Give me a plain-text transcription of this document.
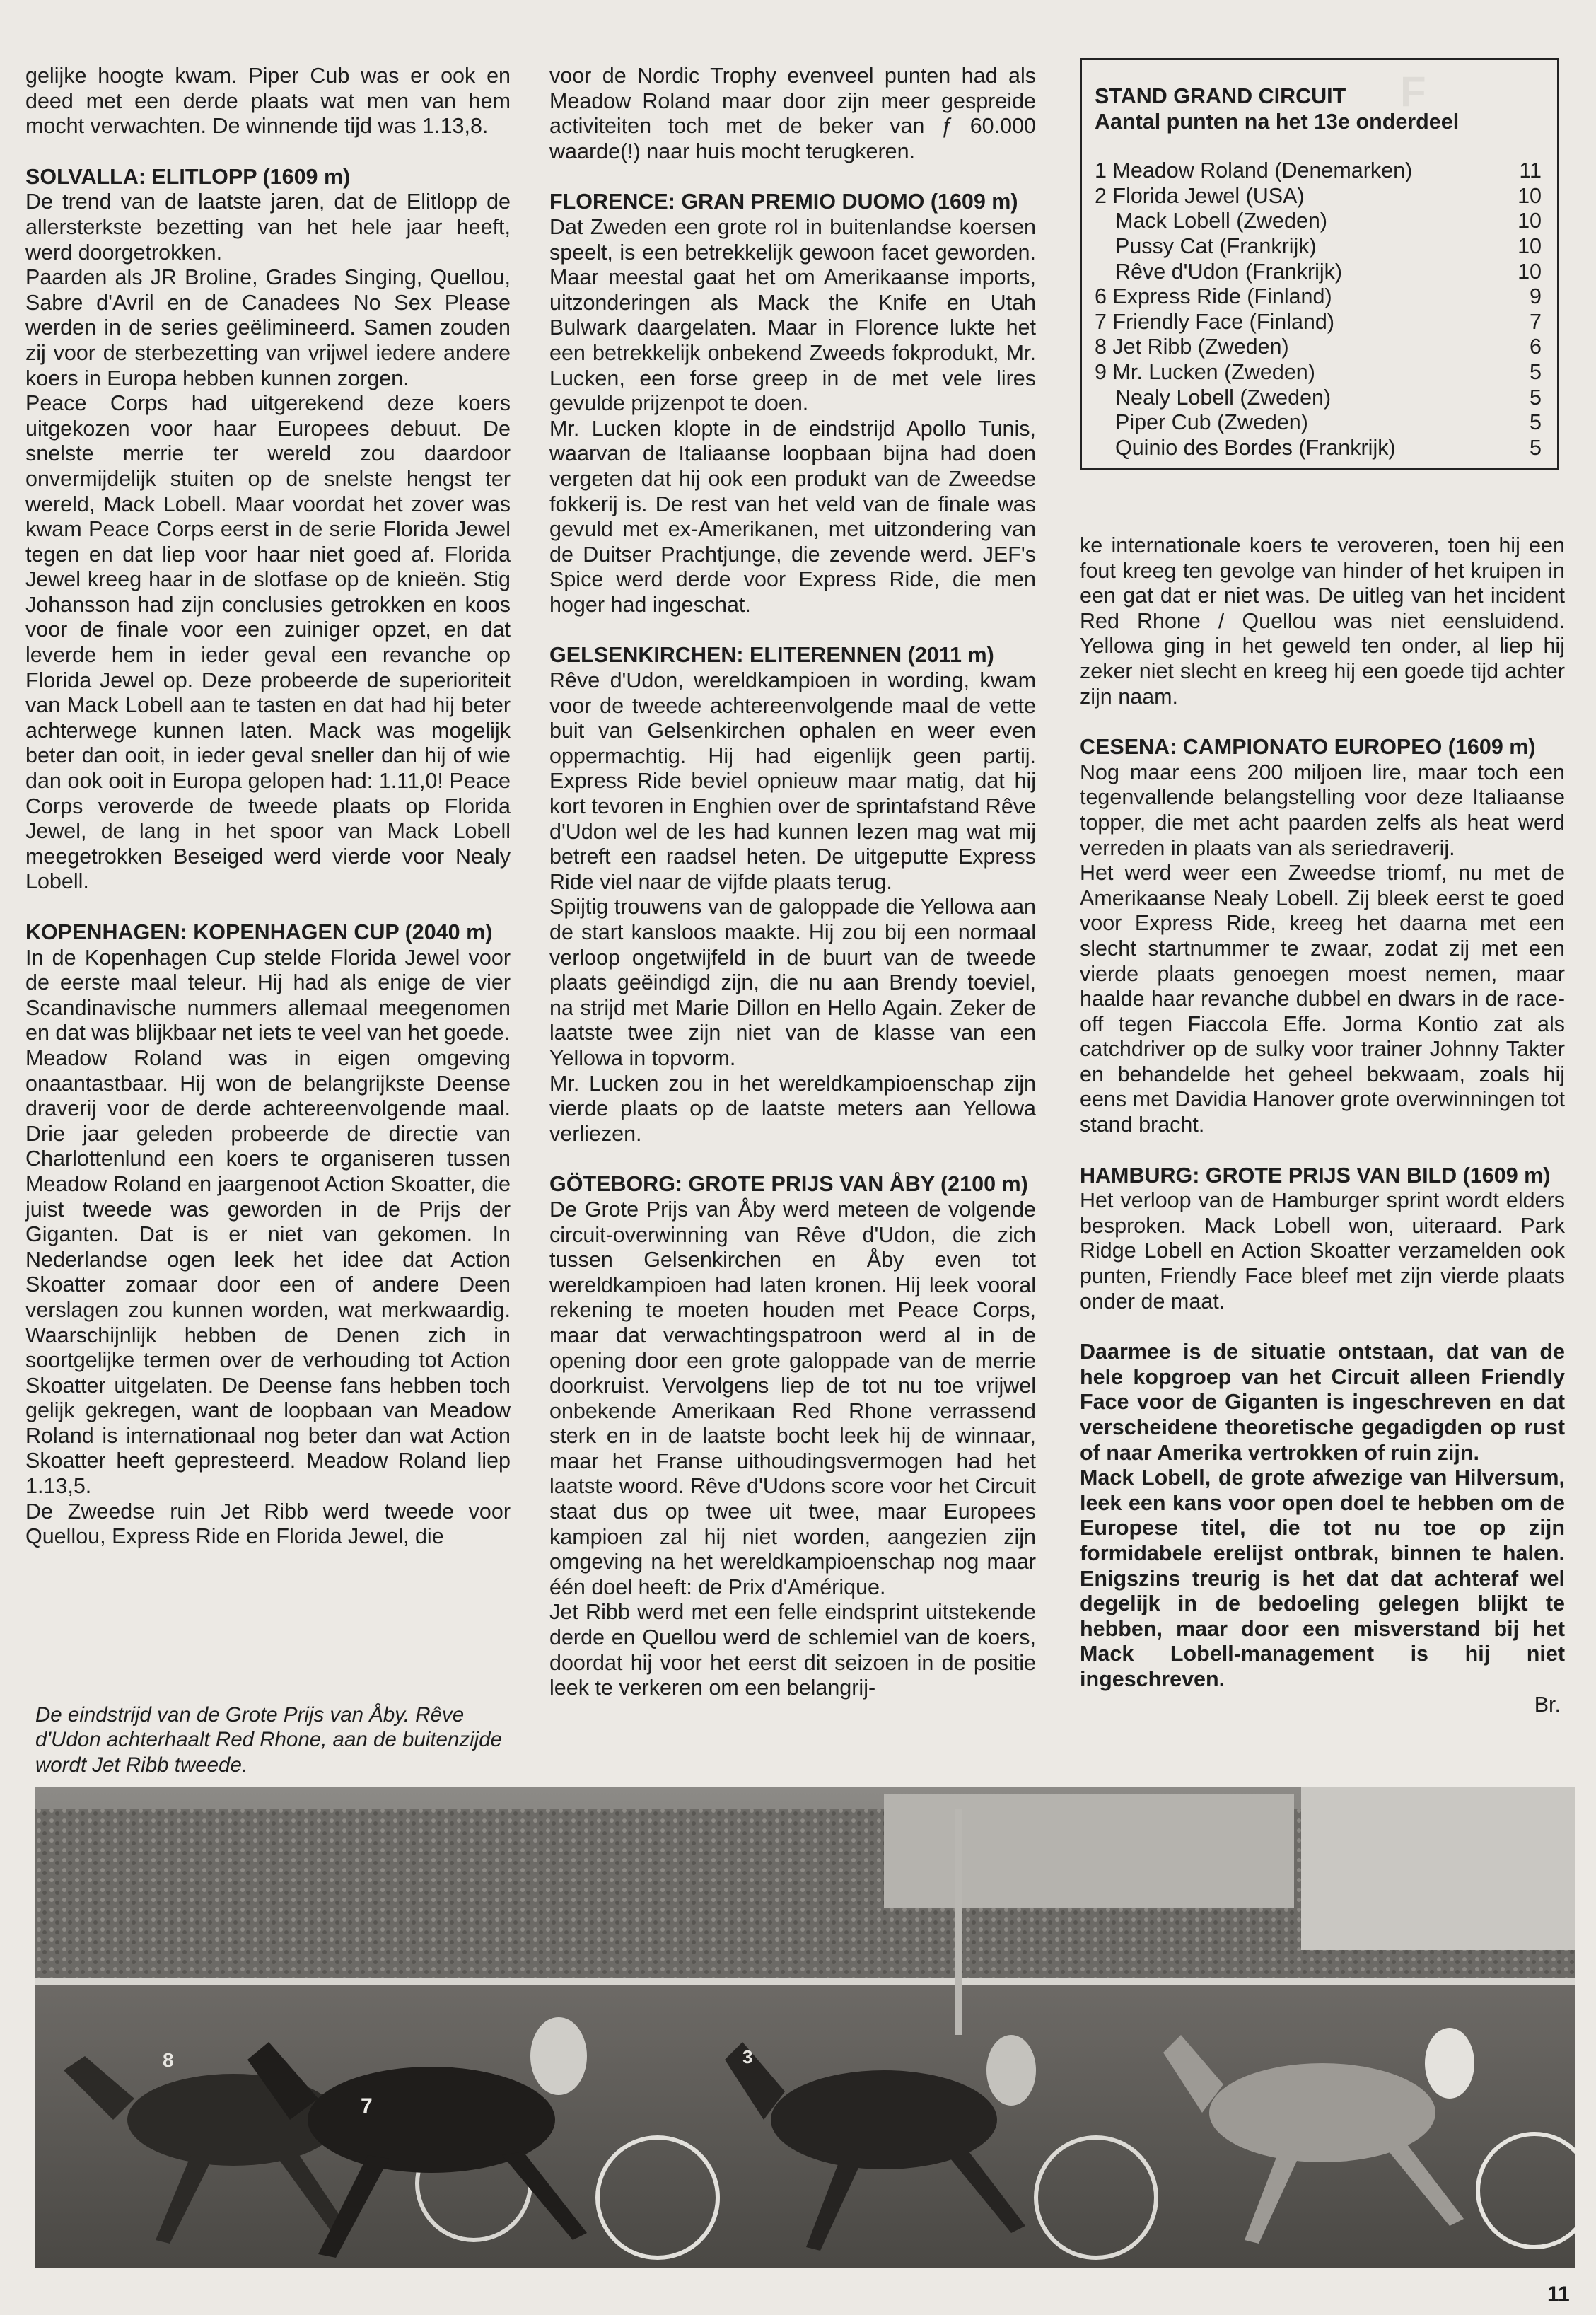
F

gelijke hoogte kwam. Piper Cub was er ook en deed met een derde plaats wat men van hem mocht verwachten. De winnende tijd was 1.13,8.

SOLVALLA: ELITLOPP (1609 m)

De trend van de laatste jaren, dat de Elitlopp de allersterkste bezetting van het hele jaar heeft, werd doorgetrokken.

Paarden als JR Broline, Grades Singing, Quellou, Sabre d'Avril en de Canadees No Sex Please werden in de series geëlimineerd. Samen zouden zij voor de sterbezetting van vrijwel iedere andere koers in Europa hebben kunnen zorgen.

Peace Corps had uitgerekend deze koers uitgekozen voor haar Europees debuut. De snelste merrie ter wereld zou daardoor onvermijdelijk stuiten op de snelste hengst ter wereld, Mack Lobell. Maar voordat het zover was kwam Peace Corps eerst in de serie Florida Jewel tegen en dat liep voor haar niet goed af. Florida Jewel kreeg haar in de slotfase op de knieën. Stig Johansson had zijn conclusies getrokken en koos voor de finale voor een zuiniger opzet, en dat leverde hem in ieder geval een revanche op Florida Jewel op. Deze probeerde de superioriteit van Mack Lobell aan te tasten en dat had hij beter achterwege kunnen laten. Mack was mogelijk beter dan ooit, in ieder geval sneller dan hij of wie dan ook ooit in Europa gelopen had: 1.11,0! Peace Corps veroverde de tweede plaats op Florida Jewel, de lang in het spoor van Mack Lobell meegetrokken Beseiged werd vierde voor Nealy Lobell.

KOPENHAGEN: KOPENHAGEN CUP (2040 m)

In de Kopenhagen Cup stelde Florida Jewel voor de eerste maal teleur. Hij had als enige de vier Scandinavische nummers allemaal meegenomen en dat was blijkbaar net iets te veel van het goede.

Meadow Roland was in eigen omgeving onaantastbaar. Hij won de belangrijkste Deense draverij voor de derde achtereenvolgende maal. Drie jaar geleden probeerde de directie van Charlottenlund een koers te organiseren tussen Meadow Roland en jaargenoot Action Skoatter, die juist tweede was geworden in de Prijs der Giganten. Dat is er niet van gekomen. In Nederlandse ogen leek het idee dat Action Skoatter zomaar door een of andere Deen verslagen zou kunnen worden, wat merkwaardig. Waarschijnlijk hebben de Denen zich in soortgelijke termen over de verhouding tot Action Skoatter uitgelaten. De Deense fans hebben toch gelijk gekregen, want de loopbaan van Meadow Roland is internationaal nog beter dan wat Action Skoatter heeft gepresteerd. Meadow Roland liep 1.13,5.

De Zweedse ruin Jet Ribb werd tweede voor Quellou, Express Ride en Florida Jewel, die

De eindstrijd van de Grote Prijs van Åby. Rêve d'Udon achterhaalt Red Rhone, aan de buitenzijde wordt Jet Ribb tweede.

voor de Nordic Trophy evenveel punten had als Meadow Roland maar door zijn meer gespreide activiteiten toch met de beker van ƒ 60.000 waarde(!) naar huis mocht terugkeren.

FLORENCE: GRAN PREMIO DUOMO (1609 m)

Dat Zweden een grote rol in buitenlandse koersen speelt, is een betrekkelijk gewoon facet geworden. Maar meestal gaat het om Amerikaanse imports, uitzonderingen als Mack the Knife en Utah Bulwark daargelaten. Maar in Florence lukte het een betrekkelijk onbekend Zweeds fokprodukt, Mr. Lucken, een forse greep in de met vele lires gevulde prijzenpot te doen.

Mr. Lucken klopte in de eindstrijd Apollo Tunis, waarvan de Italiaanse loopbaan bijna had doen vergeten dat hij ook een produkt van de Zweedse fokkerij is. De rest van het veld van de finale was gevuld met ex-Amerikanen, met uitzondering van de Duitser Prachtjunge, die zevende werd. JEF's Spice werd derde voor Express Ride, die men hoger had ingeschat.

GELSENKIRCHEN: ELITERENNEN (2011 m)

Rêve d'Udon, wereldkampioen in wording, kwam voor de tweede achtereenvolgende maal de vette buit van Gelsenkirchen ophalen en weer even oppermachtig. Hij had eigenlijk geen partij. Express Ride beviel opnieuw maar matig, dat hij kort tevoren in Enghien over de sprintafstand Rêve d'Udon wel de les had kunnen lezen mag wat mij betreft een raadsel heten. De uitgeputte Express Ride viel naar de vijfde plaats terug.

Spijtig trouwens van de galoppade die Yellowa aan de start kansloos maakte. Hij zou bij een normaal verloop ongetwijfeld in de buurt van de tweede plaats geëindigd zijn, die nu aan Brendy toeviel, na strijd met Marie Dillon en Hello Again. Zeker de laatste twee zijn niet van de klasse van een Yellowa in topvorm.

Mr. Lucken zou in het wereldkampioenschap zijn vierde plaats op de laatste meters aan Yellowa verliezen.

GÖTEBORG: GROTE PRIJS VAN ÅBY (2100 m)

De Grote Prijs van Åby werd meteen de volgende circuit-overwinning van Rêve d'Udon, die zich tussen Gelsenkirchen en Åby even tot wereldkampioen had laten kronen. Hij leek vooral rekening te moeten houden met Peace Corps, maar dat verwachtingspatroon werd al in de opening door een grote galoppade van de merrie doorkruist. Vervolgens liep de tot nu toe vrijwel onbekende Amerikaan Red Rhone verrassend sterk en in de laatste bocht leek hij de winnaar, maar het Franse uithoudingsvermogen had het laatste woord. Rêve d'Udons score voor het Circuit staat dus op twee uit twee, maar Europees kampioen zal hij niet worden, aangezien zijn omgeving na het wereldkampioenschap nog maar één doel heeft: de Prix d'Amérique.

Jet Ribb werd met een felle eindsprint uitstekende derde en Quellou werd de schlemiel van de koers, doordat hij voor het eerst dit seizoen in de positie leek te verkeren om een belangrij-

STAND GRAND CIRCUIT
Aantal punten na het 13e onderdeel
1 Meadow Roland (Denemarken)	11
2 Florida Jewel (USA)	10
Mack Lobell (Zweden)	10
Pussy Cat (Frankrijk)	10
Rêve d'Udon (Frankrijk)	10
6 Express Ride (Finland)	9
7 Friendly Face (Finland)	7
8 Jet Ribb (Zweden)	6
9 Mr. Lucken (Zweden)	5
Nealy Lobell (Zweden)	5
Piper Cub (Zweden)	5
Quinio des Bordes (Frankrijk)	5

ke internationale koers te veroveren, toen hij een fout kreeg ten gevolge van hinder of het kruipen in een gat dat er niet was. De uitleg van het incident Red Rhone / Quellou was niet eensluidend. Yellowa ging in het geweld ten onder, al liep hij zeker niet slecht en kreeg hij een goede tijd achter zijn naam.

CESENA: CAMPIONATO EUROPEO (1609 m)

Nog maar eens 200 miljoen lire, maar toch een tegenvallende belangstelling voor deze Italiaanse topper, die met acht paarden zelfs als heat werd verreden in plaats van als seriedraverij.

Het werd weer een Zweedse triomf, nu met de Amerikaanse Nealy Lobell. Zij bleek eerst te goed voor Express Ride, kreeg het daarna met een slecht startnummer te zwaar, zodat zij met een vierde plaats genoegen moest nemen, maar haalde haar revanche dubbel en dwars in de race-off tegen Fiaccola Effe. Jorma Kontio zat als catchdriver op de sulky voor trainer Johnny Takter en behandelde het geheel bekwaam, zoals hij eens met Davidia Hanover grote overwinningen tot stand bracht.

HAMBURG: GROTE PRIJS VAN BILD (1609 m)

Het verloop van de Hamburger sprint wordt elders besproken. Mack Lobell won, uiteraard. Park Ridge Lobell en Action Skoatter verzamelden ook punten, Friendly Face bleef met zijn vierde plaats onder de maat.

Daarmee is de situatie ontstaan, dat van de hele kopgroep van het Circuit alleen Friendly Face voor de Giganten is ingeschreven en dat verscheidene theoretische gegadigden op rust of naar Amerika vertrokken of ruin zijn.

Mack Lobell, de grote afwezige van Hilversum, leek een kans voor open doel te hebben om de Europese titel, die tot nu toe op zijn formidabele erelijst ontbrak, binnen te halen. Enigszins treurig is het dat dat achteraf wel degelijk in de bedoeling gelegen blijkt te hebben, maar door een misverstand bij het Mack Lobell-management is hij niet ingeschreven.

Br.

8
7
3
11
